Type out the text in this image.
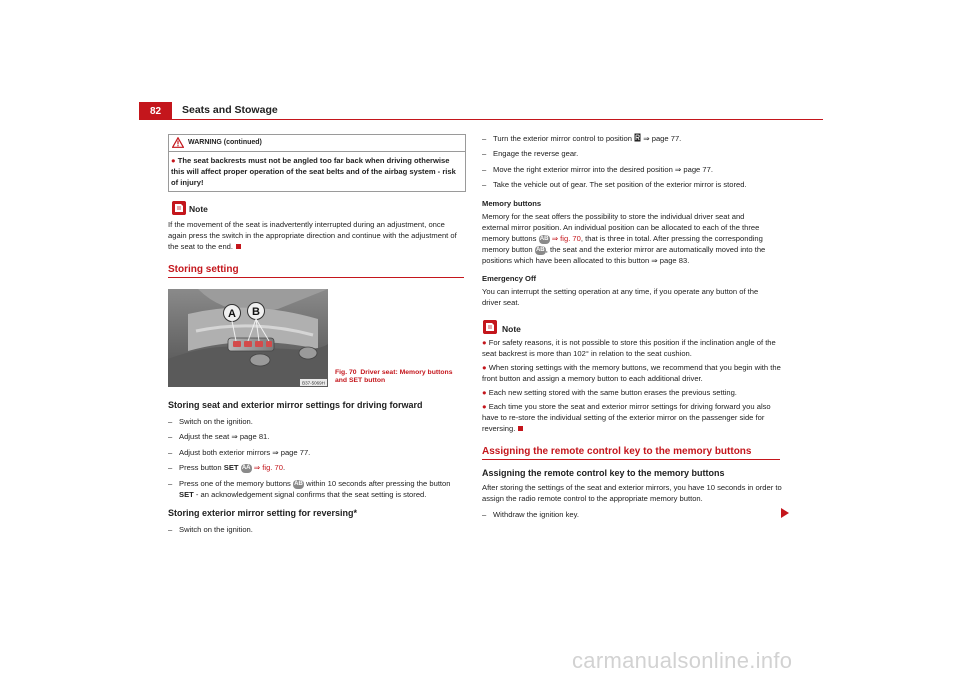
82	Seats and Stowage
WARNING (continued)
● The seat backrests must not be angled too far back when driving otherwise this will affect proper operation of the seat belts and of the airbag system - risk of injury!
Note
If the movement of the seat is inadvertently interrupted during an adjustment, once again press the switch in the appropriate direction and continue with the adjustment of the seat to the end.
Storing setting
A B
B37-5069H
Fig. 70 Driver seat: Memory buttons and SET button
Storing seat and exterior mirror settings for driving forward
– Switch on the ignition.
– Adjust the seat ⇒ page 81.
– Adjust both exterior mirrors ⇒ page 77.
– Press button SET AA ⇒ fig. 70.
– Press one of the memory buttons AB within 10 seconds after pressing the button
SET - an acknowledgement signal confirms that the seat setting is stored.
Storing exterior mirror setting for reversing*
– Switch on the ignition.
– Turn the exterior mirror control to position ⇒ page 77.
– Engage the reverse gear.
– Move the right exterior mirror into the desired position ⇒ page 77.
– Take the vehicle out of gear. The set position of the exterior mirror is stored.
Memory buttons
Memory for the seat offers the possibility to store the individual driver seat and
external mirror position. An individual position can be allocated to each of the three
memory buttons AB ⇒ fig. 70, that is three in total. After pressing the corresponding
memory button AB, the seat and the exterior mirror are automatically moved into the
positions which have been allocated to this button ⇒ page 83.
Emergency Off
You can interrupt the setting operation at any time, if you operate any button of the driver seat.
Note
● For safety reasons, it is not possible to store this position if the inclination angle of the seat backrest is more than 102° in relation to the seat cushion.
● When storing settings with the memory buttons, we recommend that you begin with the front button and assign a memory button to each additional driver.
● Each new setting stored with the same button erases the previous setting.
● Each time you store the seat and exterior mirror settings for driving forward you also have to re-store the individual setting of the exterior mirror on the passenger side for reversing.
Assigning the remote control key to the memory buttons
Assigning the remote control key to the memory buttons
After storing the settings of the seat and exterior mirrors, you have 10 seconds in order to assign the radio remote control to the appropriate memory button.
– Withdraw the ignition key.
carmanualsonline.info
